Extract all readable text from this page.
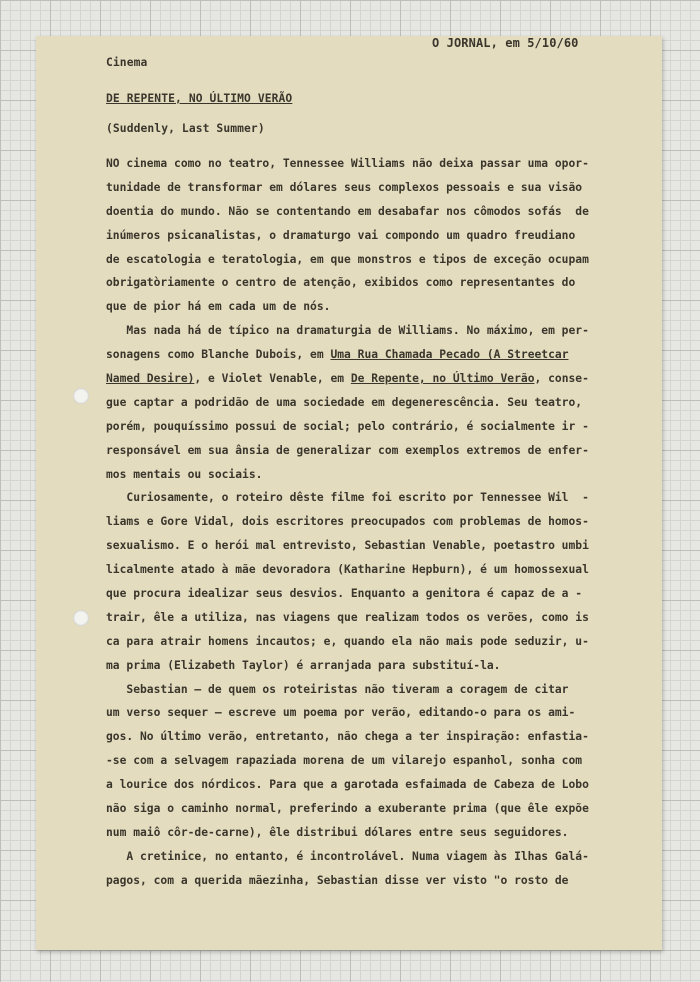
O JORNAL, em 5/10/60
Cinema
DE REPENTE, NO ÚLTIMO VERÃO
(Suddenly, Last Summer)
NO cinema como no teatro, Tennessee Williams não deixa passar uma opor-
tunidade de transformar em dólares seus complexos pessoais e sua visão
doentia do mundo. Não se contentando em desabafar nos cômodos sofás  de
inúmeros psicanalistas, o dramaturgo vai compondo um quadro freudiano
de escatologia e teratologia, em que monstros e tipos de exceção ocupam
obrigatòriamente o centro de atenção, exibidos como representantes do
que de pior há em cada um de nós.
Mas nada há de típico na dramaturgia de Williams. No máximo, em per-
sonagens como Blanche Dubois, em Uma Rua Chamada Pecado (A Streetcar
Named Desire), e Violet Venable, em De Repente, no Último Verão, conse-
gue captar a podridão de uma sociedade em degenerescência. Seu teatro,
porém, pouquíssimo possui de social; pelo contrário, é socialmente ir -
responsável em sua ânsia de generalizar com exemplos extremos de enfer-
mos mentais ou sociais.
Curiosamente, o roteiro dêste filme foi escrito por Tennessee Wil  -
liams e Gore Vidal, dois escritores preocupados com problemas de homos-
sexualismo. E o herói mal entrevisto, Sebastian Venable, poetastro umbi
licalmente atado à mãe devoradora (Katharine Hepburn), é um homossexual
que procura idealizar seus desvios. Enquanto a genitora é capaz de a -
trair, êle a utiliza, nas viagens que realizam todos os verões, como is
ca para atrair homens incautos; e, quando ela não mais pode seduzir, u-
ma prima (Elizabeth Taylor) é arranjada para substituí-la.
Sebastian — de quem os roteiristas não tiveram a coragem de citar
um verso sequer — escreve um poema por verão, editando-o para os ami-
gos. No último verão, entretanto, não chega a ter inspiração: enfastia-
-se com a selvagem rapaziada morena de um vilarejo espanhol, sonha com
a lourice dos nórdicos. Para que a garotada esfaimada de Cabeza de Lobo
não siga o caminho normal, preferindo a exuberante prima (que êle expõe
num maiô côr-de-carne), êle distribui dólares entre seus seguidores.
A cretinice, no entanto, é incontrolável. Numa viagem às Ilhas Galá-
pagos, com a querida mãezinha, Sebastian disse ver visto "o rosto de
